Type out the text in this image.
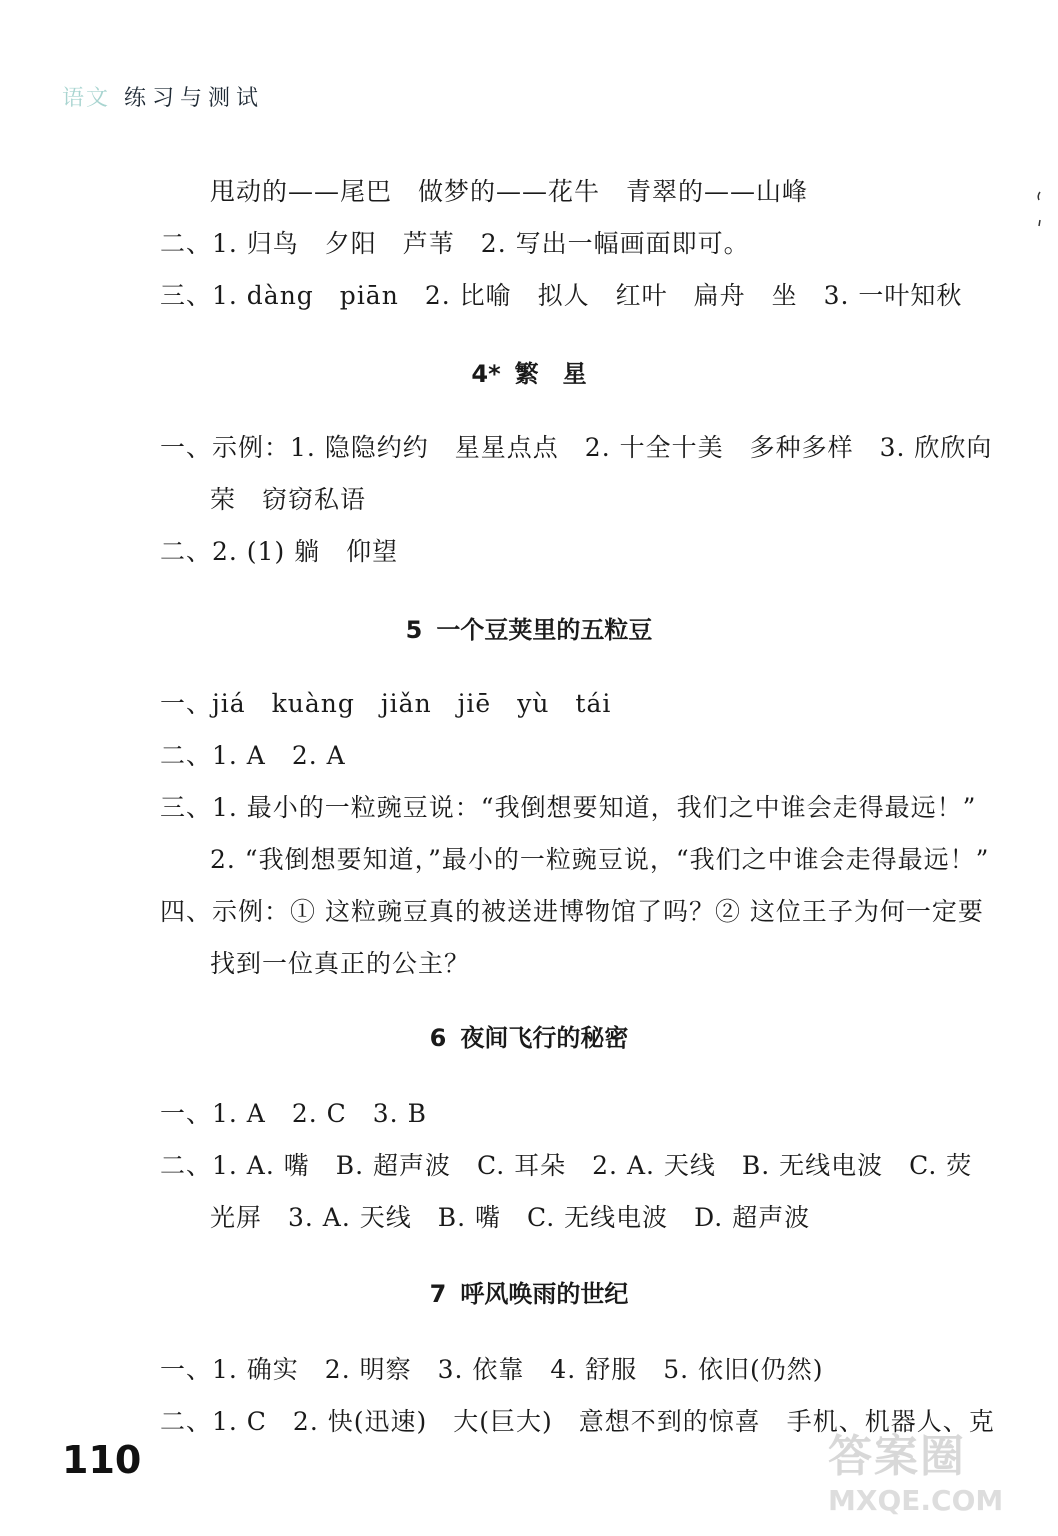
语文 练习与测试
甩动的——尾巴　做梦的——花牛　青翠的——山峰
二、1. 归鸟　夕阳　芦苇　2. 写出一幅画面即可。
三、1. dàng　piān　2. 比喻　拟人　红叶　扁舟　坐　3. 一叶知秋
4* 繁　星
一、示例：1. 隐隐约约　星星点点　2. 十全十美　多种多样　3. 欣欣向
荣　窃窃私语
二、2. (1) 躺　仰望
5 一个豆荚里的五粒豆
一、jiá　kuàng　jiǎn　jiē　yù　tái
二、1. A　2. A
三、1. 最小的一粒豌豆说：“我倒想要知道，我们之中谁会走得最远！”
2. “我倒想要知道，”最小的一粒豌豆说，“我们之中谁会走得最远！”
四、示例：① 这粒豌豆真的被送进博物馆了吗？② 这位王子为何一定要
找到一位真正的公主？
6 夜间飞行的秘密
一、1. A　2. C　3. B
二、1. A. 嘴　B. 超声波　C. 耳朵　2. A. 天线　B. 无线电波　C. 荧
光屏　3. A. 天线　B. 嘴　C. 无线电波　D. 超声波
7 呼风唤雨的世纪
一、1. 确实　2. 明察　3. 依靠　4. 舒服　5. 依旧(仍然)
二、1. C　2. 快(迅速)　大(巨大)　意想不到的惊喜　手机、机器人、克
110	答案圈
MXQE.COM
